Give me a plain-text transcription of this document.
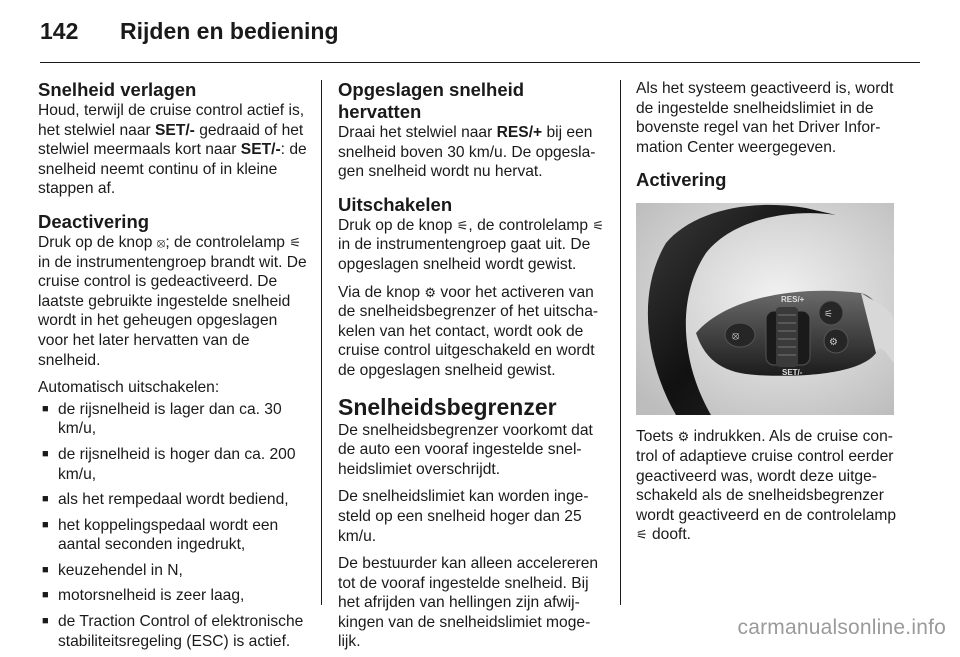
142 Rijden en bediening
Snelheid verlagen

Houd, terwijl de cruise control actief is, het stelwiel naar SET/- gedraaid of het stelwiel meermaals kort naar SET/-: de snelheid neemt continu of in kleine stappen af.

Deactivering

Druk op de knop ⦻; de controlelamp ⚟ in de instrumentengroep brandt wit. De cruise control is gedeactiveerd. De laatste gebruikte ingestelde snelheid wordt in het geheugen opgeslagen voor het later hervatten van de snelheid.

Automatisch uitschakelen:

■ de rijsnelheid is lager dan ca. 30 km/u,
■ de rijsnelheid is hoger dan ca. 200 km/u,
■ als het rempedaal wordt bediend,
■ het koppelingspedaal wordt een aantal seconden ingedrukt,
■ keuzehendel in N,
■ motorsnelheid is zeer laag,
■ de Traction Control of elektronische stabiliteitsregeling (ESC) is actief.
Opgeslagen snelheid hervatten

Draai het stelwiel naar RES/+ bij een snelheid boven 30 km/u. De opgeslagen snelheid wordt nu hervat.

Uitschakelen

Druk op de knop ⚟, de controlelamp ⚟ in de instrumentengroep gaat uit. De opgeslagen snelheid wordt gewist.

Via de knop ⚙ voor het activeren van de snelheidsbegrenzer of het uitschakelen van het contact, wordt ook de cruise control uitgeschakeld en wordt de opgeslagen snelheid gewist.

Snelheidsbegrenzer

De snelheidsbegrenzer voorkomt dat de auto een vooraf ingestelde snelheidslimiet overschrijdt.

De snelheidslimiet kan worden ingesteld op een snelheid hoger dan 25 km/u.

De bestuurder kan alleen accelereren tot de vooraf ingestelde snelheid. Bij het afrijden van hellingen zijn afwijkingen van de snelheidslimiet mogelijk.

Als het systeem geactiveerd is, wordt de ingestelde snelheidslimiet in de bovenste regel van het Driver Information Center weergegeven.

Activering
RES/+
SET/-
⦻
⚟
⚙

Toets ⚙ indrukken. Als de cruise control of adaptieve cruise control eerder geactiveerd was, wordt deze uitgeschakeld als de snelheidsbegrenzer wordt geactiveerd en de controlelamp ⚟ dooft.

carmanualsonline.info
